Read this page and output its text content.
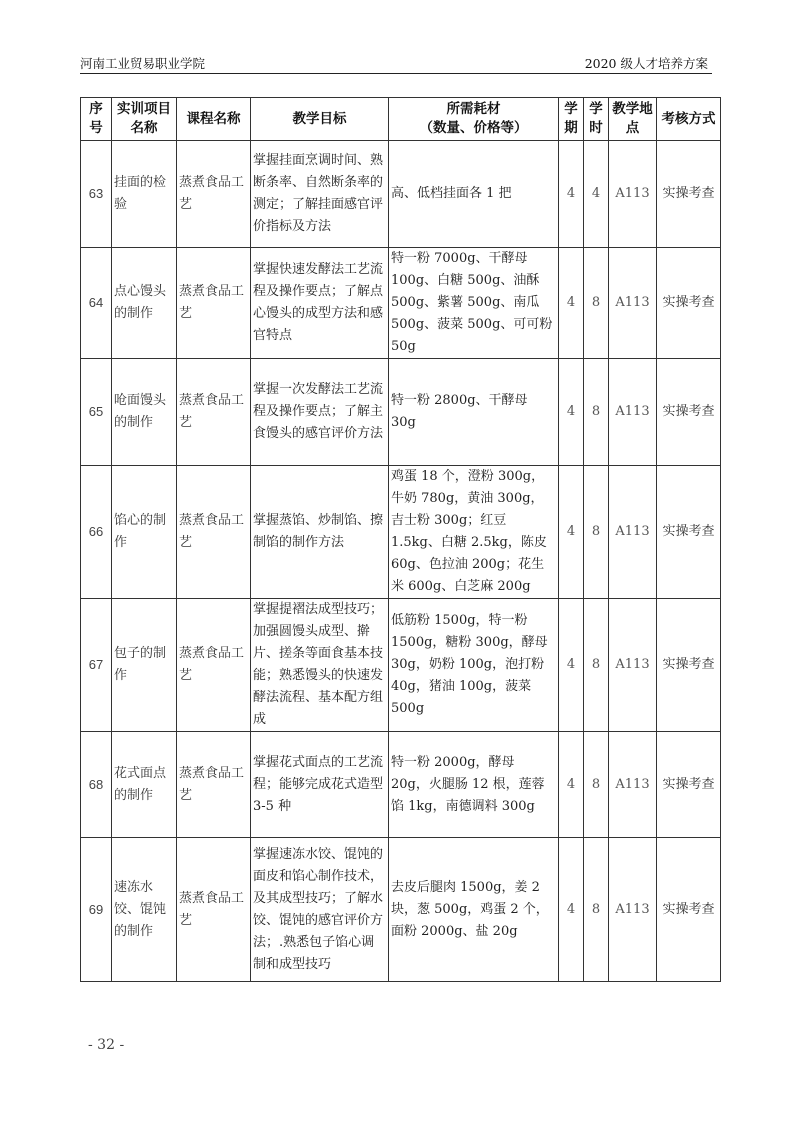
河南工业贸易职业学院	2020 级人才培养方案
序号	实训项目名称	课程名称	教学目标	所需耗材
（数量、价格等）	学期	学时	教学地点	考核方式
63	挂面的检验	蒸煮食品工艺	掌握挂面烹调时间、熟断条率、自然断条率的测定；了解挂面感官评价指标及方法	高、低档挂面各 1 把	4	4	A113	实操考查
64	点心馒头的制作	蒸煮食品工艺	掌握快速发酵法工艺流程及操作要点；了解点心馒头的成型方法和感官特点	特一粉 7000g、干酵母 100g、白糖 500g、油酥 500g、紫薯 500g、南瓜 500g、菠菜 500g、可可粉 50g	4	8	A113	实操考查
65	呛面馒头的制作	蒸煮食品工艺	掌握一次发酵法工艺流程及操作要点；了解主食馒头的感官评价方法	特一粉 2800g、干酵母 30g	4	8	A113	实操考查
66	馅心的制作	蒸煮食品工艺	掌握蒸馅、炒制馅、擦制馅的制作方法	鸡蛋 18 个，澄粉 300g，牛奶 780g，黄油 300g，吉士粉 300g；红豆 1.5kg、白糖 2.5kg，陈皮 60g、色拉油 200g；花生米 600g、白芝麻 200g	4	8	A113	实操考查
67	包子的制作	蒸煮食品工艺	掌握提褶法成型技巧；加强圆馒头成型、擀片、搓条等面食基本技能；熟悉馒头的快速发酵法流程、基本配方组成	低筋粉 1500g，特一粉 1500g，糖粉 300g，酵母 30g，奶粉 100g，泡打粉 40g，猪油 100g，菠菜 500g	4	8	A113	实操考查
68	花式面点的制作	蒸煮食品工艺	掌握花式面点的工艺流程；能够完成花式造型 3-5 种	特一粉 2000g，酵母 20g，火腿肠 12 根，莲蓉馅 1kg，南德调料 300g	4	8	A113	实操考查
69	速冻水饺、馄饨的制作	蒸煮食品工艺	掌握速冻水饺、馄饨的面皮和馅心制作技术，及其成型技巧；了解水饺、馄饨的感官评价方法；.熟悉包子馅心调制和成型技巧	去皮后腿肉 1500g，姜 2 块，葱 500g，鸡蛋 2 个，面粉 2000g、盐 20g	4	8	A113	实操考查
- 32 -
